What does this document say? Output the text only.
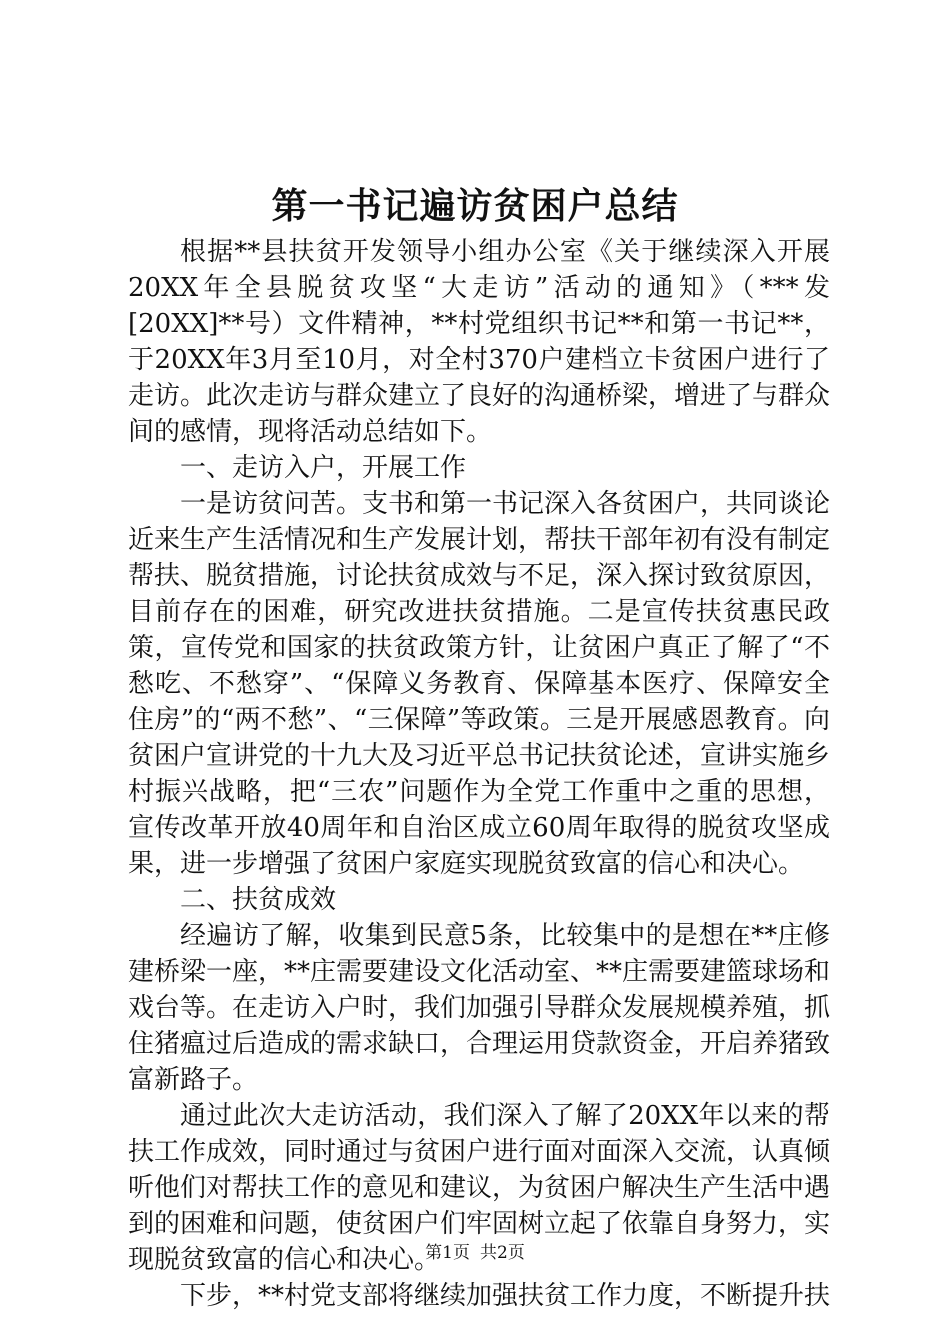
第一书记遍访贫困户总结

根据**县扶贫开发领导小组办公室《关于继续深入开展20XX年全县脱贫攻坚“大走访”活动的通知》（***发[20XX]**号）文件精神，**村党组织书记**和第一书记**，于20XX年3月至10月，对全村370户建档立卡贫困户进行了走访。此次走访与群众建立了良好的沟通桥梁，增进了与群众间的感情，现将活动总结如下。

一、走访入户，开展工作

一是访贫问苦。支书和第一书记深入各贫困户，共同谈论近来生产生活情况和生产发展计划，帮扶干部年初有没有制定帮扶、脱贫措施，讨论扶贫成效与不足，深入探讨致贫原因，目前存在的困难，研究改进扶贫措施。二是宣传扶贫惠民政策，宣传党和国家的扶贫政策方针，让贫困户真正了解了“不愁吃、不愁穿”、“保障义务教育、保障基本医疗、保障安全住房”的“两不愁”、“三保障”等政策。三是开展感恩教育。向贫困户宣讲党的十九大及习近平总书记扶贫论述，宣讲实施乡村振兴战略，把“三农”问题作为全党工作重中之重的思想，宣传改革开放40周年和自治区成立60周年取得的脱贫攻坚成果，进一步增强了贫困户家庭实现脱贫致富的信心和决心。

二、扶贫成效

经遍访了解，收集到民意5条，比较集中的是想在**庄修建桥梁一座，**庄需要建设文化活动室、**庄需要建篮球场和戏台等。在走访入户时，我们加强引导群众发展规模养殖，抓住猪瘟过后造成的需求缺口，合理运用贷款资金，开启养猪致富新路子。

通过此次大走访活动，我们深入了解了20XX年以来的帮扶工作成效，同时通过与贫困户进行面对面深入交流，认真倾听他们对帮扶工作的意见和建议，为贫困户解决生产生活中遇到的困难和问题，使贫困户们牢固树立起了依靠自身努力，实现脱贫致富的信心和决心。

下步，**村党支部将继续加强扶贫工作力度，不断提升扶

第1页 共2页
